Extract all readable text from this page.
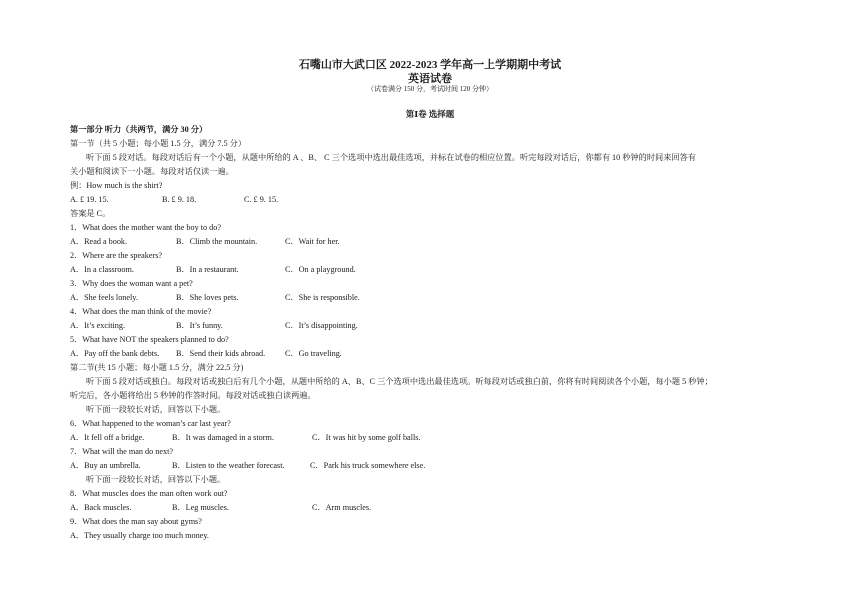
石嘴山市大武口区 2022-2023 学年高一上学期期中考试
英语试卷
（试卷满分 150 分，考试时间 120 分钟）
第Ⅰ卷 选择题
第一部分 听力（共两节，满分 30 分）
第一节（共 5 小题；每小题 1.5 分，满分 7.5 分）
听下面 5 段对话。每段对话后有一个小题，从题中所给的 A 、B、 C 三个选项中选出最佳选项，并标在试卷的相应位置。听完每段对话后，你都有 10 秒钟的时间来回答有
关小题和阅读下一小题。每段对话仅读一遍。
例：How much is the shirt?
A. £ 19. 15.	B. £ 9. 18.	C. £ 9. 15.
答案是 C。
1．What does the mother want the boy to do?
A．Read a book.	B．Climb the mountain.	C．Wait for her.
2．Where are the speakers?
A．In a classroom.	B．In a restaurant.	C．On a playground.
3．Why does the woman want a pet?
A．She feels lonely.	B．She loves pets.	C．She is responsible.
4．What does the man think of the movie?
A．It’s exciting.	B．It’s funny.	C．It’s disappointing.
5．What have NOT the speakers planned to do?
A．Pay off the bank debts.	B．Send their kids abroad.	C．Go traveling.
第二节(共 15 小题；每小题 1.5 分，满分 22.5 分)
听下面 5 段对话或独白。每段对话或独白后有几个小题，从题中所给的 A、B、C 三个选项中选出最佳选项。听每段对话或独白前，你将有时间阅读各个小题，每小题 5 秒钟；
听完后，各小题将给出 5 秒钟的作答时间。每段对话或独白读两遍。
听下面一段较长对话，回答以下小题。
6．What happened to the woman’s car last year?
A．It fell off a bridge.	B．It was damaged in a storm.	C．It was hit by some golf balls.
7．What will the man do next?
A．Buy an umbrella.	B．Listen to the weather forecast.	C．Park his truck somewhere else.
听下面一段较长对话，回答以下小题。
8．What muscles does the man often work out?
A．Back muscles.	B．Leg muscles.	C．Arm muscles.
9．What does the man say about gyms?
A．They usually charge too much money.
